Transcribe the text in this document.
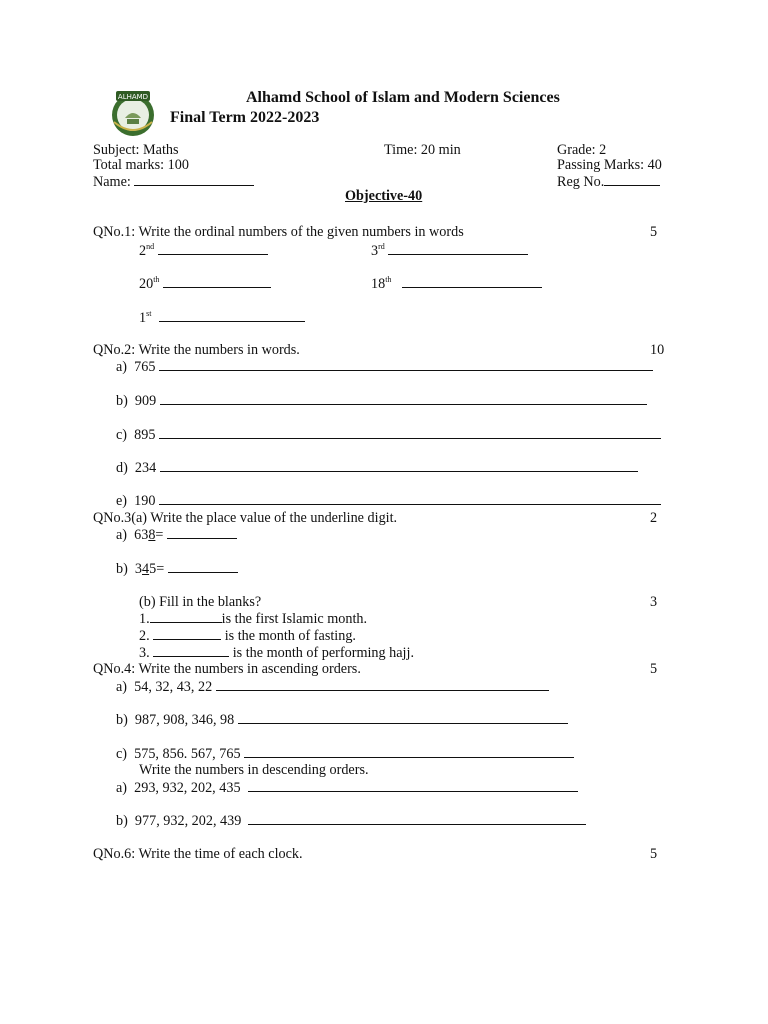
ALHAMD	Alhamd School of Islam and Modern Sciences
Final Term 2022-2023
Subject: Maths	Time: 20 min	Grade: 2
Total marks: 100	Passing Marks: 40
Name:	Reg No.
Objective-40
QNo.1: Write the ordinal numbers of the given numbers in words	5
2nd	3rd
20th	18th
1st
QNo.2: Write the numbers in words.	10
a) 765
b) 909
c) 895
d) 234
e) 190
QNo.3(a) Write the place value of the underline digit.	2
a) 638=
b) 345=
(b) Fill in the blanks?	3
1.	is the first Islamic month.
2.	is the month of fasting.
3.	is the month of performing hajj.
QNo.4: Write the numbers in ascending orders.	5
a) 54, 32, 43, 22
b) 987, 908, 346, 98
c) 575, 856. 567, 765
Write the numbers in descending orders.
a) 293, 932, 202, 435
b) 977, 932, 202, 439
QNo.6: Write the time of each clock.	5
